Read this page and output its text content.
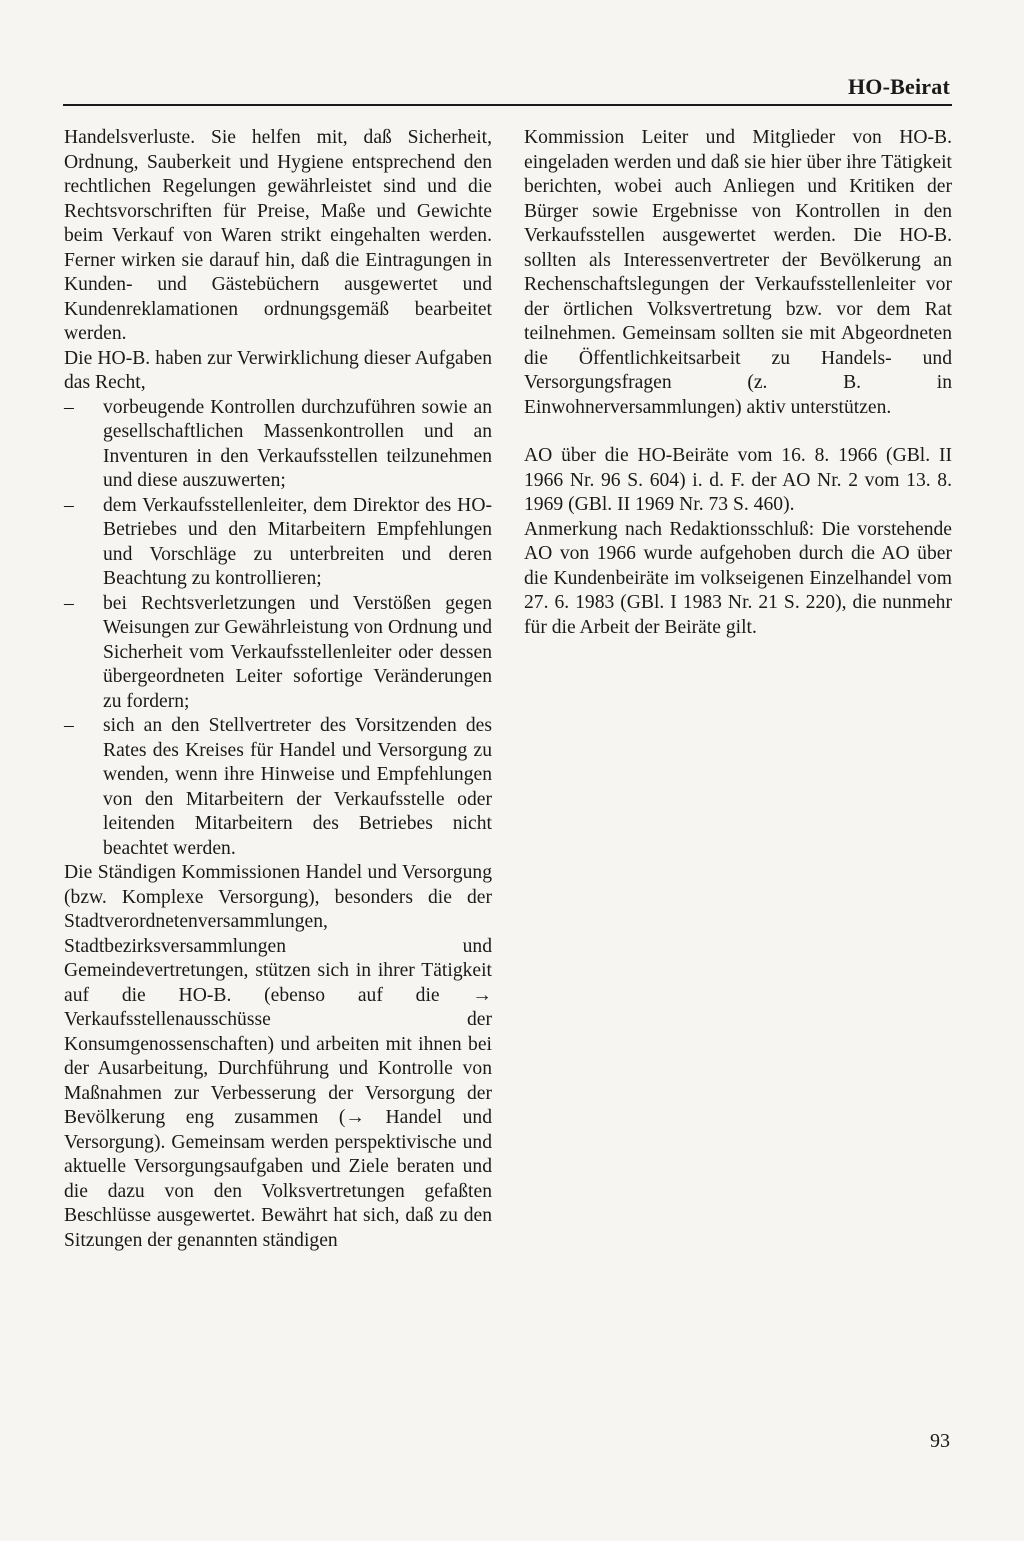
HO-Beirat

Handelsverluste. Sie helfen mit, daß Sicherheit, Ordnung, Sauberkeit und Hygiene entsprechend den rechtlichen Regelungen gewährleistet sind und die Rechtsvorschriften für Preise, Maße und Gewichte beim Verkauf von Waren strikt eingehalten werden. Ferner wirken sie darauf hin, daß die Eintragungen in Kunden- und Gästebüchern ausgewertet und Kundenreklamationen ordnungsgemäß bearbeitet werden.

Die HO-B. haben zur Verwirklichung dieser Aufgaben das Recht,

– vorbeugende Kontrollen durchzuführen sowie an gesellschaftlichen Massenkontrollen und an Inventuren in den Verkaufsstellen teilzunehmen und diese auszuwerten;
– dem Verkaufsstellenleiter, dem Direktor des HO-Betriebes und den Mitarbeitern Empfehlungen und Vorschläge zu unterbreiten und deren Beachtung zu kontrollieren;
– bei Rechtsverletzungen und Verstößen gegen Weisungen zur Gewährleistung von Ordnung und Sicherheit vom Verkaufsstellenleiter oder dessen übergeordneten Leiter sofortige Veränderungen zu fordern;
– sich an den Stellvertreter des Vorsitzenden des Rates des Kreises für Handel und Versorgung zu wenden, wenn ihre Hinweise und Empfehlungen von den Mitarbeitern der Verkaufsstelle oder leitenden Mitarbeitern des Betriebes nicht beachtet werden.

Die Ständigen Kommissionen Handel und Versorgung (bzw. Komplexe Versorgung), besonders die der Stadtverordnetenversammlungen, Stadtbezirksversammlungen und Gemeindevertretungen, stützen sich in ihrer Tätigkeit auf die HO-B. (ebenso auf die → Verkaufsstellenausschüsse der Konsumgenossenschaften) und arbeiten mit ihnen bei der Ausarbeitung, Durchführung und Kontrolle von Maßnahmen zur Verbesserung der Versorgung der Bevölkerung eng zusammen (→ Handel und Versorgung). Gemeinsam werden perspektivische und aktuelle Versorgungsaufgaben und Ziele beraten und die dazu von den Volksvertretungen gefaßten Beschlüsse ausgewertet. Bewährt hat sich, daß zu den Sitzungen der genannten ständigen

Kommission Leiter und Mitglieder von HO-B. eingeladen werden und daß sie hier über ihre Tätigkeit berichten, wobei auch Anliegen und Kritiken der Bürger sowie Ergebnisse von Kontrollen in den Verkaufsstellen ausgewertet werden. Die HO-B. sollten als Interessenvertreter der Bevölkerung an Rechenschaftslegungen der Verkaufsstellenleiter vor der örtlichen Volksvertretung bzw. vor dem Rat teilnehmen. Gemeinsam sollten sie mit Abgeordneten die Öffentlichkeitsarbeit zu Handels- und Versorgungsfragen (z. B. in Einwohnerversammlungen) aktiv unterstützen.

AO über die HO-Beiräte vom 16. 8. 1966 (GBl. II 1966 Nr. 96 S. 604) i. d. F. der AO Nr. 2 vom 13. 8. 1969 (GBl. II 1969 Nr. 73 S. 460).

Anmerkung nach Redaktionsschluß: Die vorstehende AO von 1966 wurde aufgehoben durch die AO über die Kundenbeiräte im volkseigenen Einzelhandel vom 27. 6. 1983 (GBl. I 1983 Nr. 21 S. 220), die nunmehr für die Arbeit der Beiräte gilt.

93
